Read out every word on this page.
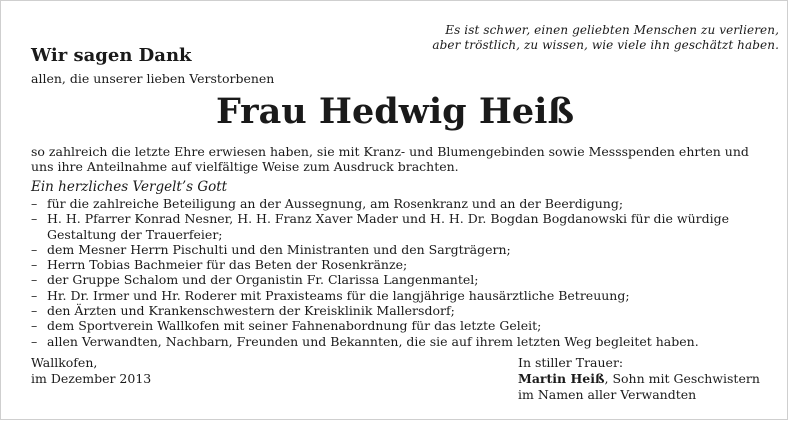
Es ist schwer, einen geliebten Menschen zu verlieren,
aber tröstlich, zu wissen, wie viele ihn geschätzt haben.
Wir sagen Dank
allen, die unserer lieben Verstorbenen
Frau Hedwig Heiß
so zahlreich die letzte Ehre erwiesen haben, sie mit Kranz- und Blumengebinden sowie Messspenden ehrten und uns ihre Anteilnahme auf vielfältige Weise zum Ausdruck brachten.
Ein herzliches Vergelt’s Gott
– für die zahlreiche Beteiligung an der Aussegnung, am Rosenkranz und an der Beerdigung;
– H. H. Pfarrer Konrad Nesner, H. H. Franz Xaver Mader und H. H. Dr. Bogdan Bogdanowski für die würdige Gestaltung der Trauerfeier;
– dem Mesner Herrn Pischulti und den Ministranten und den Sargträgern;
– Herrn Tobias Bachmeier für das Beten der Rosenkränze;
– der Gruppe Schalom und der Organistin Fr. Clarissa Langenmantel;
– Hr. Dr. Irmer und Hr. Roderer mit Praxisteams für die langjährige hausärztliche Betreuung;
– den Ärzten und Krankenschwestern der Kreisklinik Mallersdorf;
– dem Sportverein Wallkofen mit seiner Fahnenabordnung für das letzte Geleit;
– allen Verwandten, Nachbarn, Freunden und Bekannten, die sie auf ihrem letzten Weg begleitet haben.
Wallkofen,
im Dezember 2013
In stiller Trauer:
Martin Heiß, Sohn mit Geschwistern
im Namen aller Verwandten
